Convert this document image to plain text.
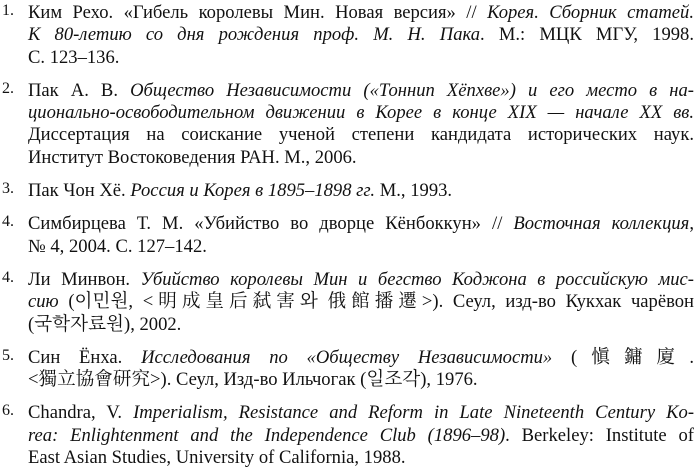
1. Ким Рехо. «Гибель королевы Мин. Новая версия» // Корея. Сборник статей.
К 80-летию со дня рождения проф. М. Н. Пака. М.: МЦК МГУ, 1998.
С. 123–136.
2. Пак А. В. Общество Независимости («Тоннип Хёпхве») и его место в на-
ционально-освободительном движении в Корее в конце XIX — начале XX вв.
Диссертация на соискание ученой степени кандидата исторических наук.
Институт Востоковедения РАН. М., 2006.
3. Пак Чон Хё. Россия и Корея в 1895–1898 гг. М., 1993.
4. Симбирцева Т. М. «Убийство во дворце Кёнбоккун» // Восточная коллекция,
№ 4, 2004. С. 127–142.
4. Ли Минвон. Убийство королевы Мин и бегство Коджона в российскую мис-
сию (이민원, <明成皇后弑害와 俄館播遷>). Сеул, изд-во Кукхак чарёвон
(국학자료원), 2002.
5. Син Ёнха. Исследования по «Обществу Независимости» (愼鏞廈.
<獨立協會研究>). Сеул, Изд-во Ильчогак (일조각), 1976.
6. Chandra, V. Imperialism, Resistance and Reform in Late Nineteenth Century Ko-
rea: Enlightenment and the Independence Club (1896–98). Berkeley: Institute of
East Asian Studies, University of California, 1988.
